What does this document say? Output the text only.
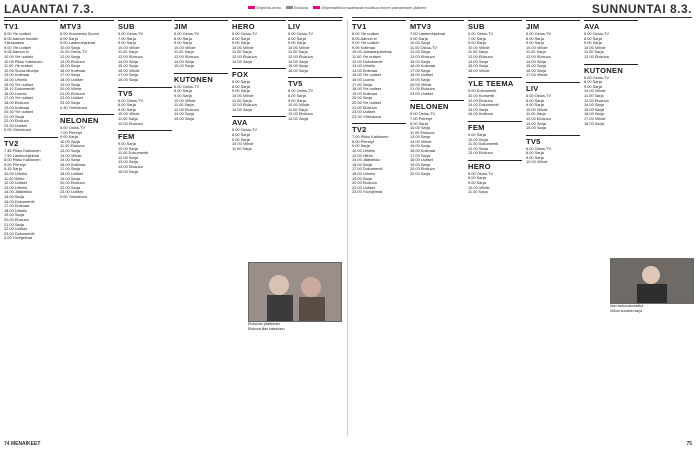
LAUANTAI 7.3.	SUNNUNTAI 8.3.
Ohjelma-arvio	Elokuva	Ohjelmatiedot saattavat muuttua ennen painamisen jälkeen
TV1
8.00 Yle uutiset
8.05 Aamun muotiin
Ykkösaamu
9.00 Yle uutiset
9.05 Aamun tv
10.00 Yle uutiset
10.05 Pikku Kakkonen
11.00 Yle uutiset
12.05 Suora lähetys
13.00 Kotimaa
14.00 Urheilu
15.00 Yle uutiset
15.10 Dokumentti
16.00 Luonto
17.00 Yle uutiset
18.00 Elokuva
19.00 Kotimaa
20.30 Yle uutiset
21.00 Sarja
22.00 Elokuva
23.30 Uutiset
0.05 Yöelokuva
TV2
7.45 Pikku Kakkonen
7.50 Lastenohjelmat
8.00 Pikku Kakkonen
9.00 Piirretyt
9.15 Sarja
10.00 Urheilu
11.00 Hiihto
12.00 Uutiset
13.00 Urheilu
14.00 Jääkiekko
15.00 Sarja
16.00 Dokumentti
17.00 Kotimaa
18.00 Urheilu
19.00 Sarja
20.00 Elokuva
21.00 Sarja
22.00 Uutiset
23.00 Dokumentti
0.00 Yöohjelmat
MTV3
6.00 Huomenta Suomi
8.00 Sarja
9.00 Lastenohjelmat
10.00 Sarja
11.00 Ostos-TV
12.00 Sarja
13.00 Elokuva
15.00 Sarja
16.00 Kotimaa
17.00 Sarja
18.00 Uutiset
19.00 Sarja
20.00 Viihde
21.00 Elokuva
23.00 Uutiset
23.30 Sarja
0.30 Yöelokuva
NELONEN
5.00 Ostos-TV
7.00 Piirretyt
9.00 Sarja
10.00 Sarja
11.00 Elokuva
13.00 Sarja
14.00 Viihde
15.00 Sarja
16.00 Kotimaa
17.00 Sarja
18.00 Uutiset
19.00 Sarja
20.00 Elokuva
22.00 Sarja
23.00 Uutiset
0.00 Yöelokuva
SUB
5.00 Ostos-TV
7.00 Sarja
9.00 Sarja
10.00 Viihde
11.00 Sarja
12.00 Elokuva
14.00 Sarja
15.00 Sarja
16.00 Viihde
17.00 Sarja
18.00 Sarja
TV5
6.00 Ostos-TV
8.00 Sarja
9.00 Sarja
10.00 Viihde
11.00 Sarja
12.00 Elokuva
FEM
9.00 Sarja
10.00 Sarja
11.00 Dokumentti
12.00 Sarja
13.00 Sarja
14.00 Elokuva
16.00 Sarja
JIM
6.00 Ostos-TV
8.00 Sarja
9.00 Sarja
10.00 Viihde
11.00 Sarja
12.00 Elokuva
14.00 Sarja
15.00 Sarja
KUTONEN
6.00 Ostos-TV
8.00 Sarja
9.00 Sarja
10.00 Viihde
11.00 Sarja
12.00 Elokuva
14.00 Sarja
15.00 Sarja
HERO
6.00 Ostos-TV
8.00 Sarja
9.00 Sarja
10.00 Viihde
11.00 Sarja
12.00 Elokuva
14.00 Sarja
FOX
6.00 Sarja
8.00 Sarja
9.00 Sarja
10.00 Viihde
11.00 Sarja
12.00 Elokuva
14.00 Sarja
AVA
6.00 Ostos-TV
8.00 Sarja
9.00 Sarja
10.00 Viihde
11.00 Sarja
LIV
6.00 Ostos-TV
8.00 Sarja
9.00 Sarja
10.00 Viihde
11.00 Sarja
12.00 Elokuva
14.00 Sarja
15.00 Sarja
16.00 Sarja
TV5
6.00 Ostos-TV
8.00 Sarja
9.00 Sarja
10.00 Viihde
11.00 Sarja
12.00 Elokuva
14.00 Sarja
TV1
8.00 Yle uutiset
8.05 Aamun tv
9.00 Yle uutiset
9.05 Kotimaa
10.00 Jumalanpalvelus
11.00 Yle uutiset
12.00 Dokumentti
13.00 Urheilu
14.00 Kotimaa
15.00 Yle uutiset
16.00 Luonto
17.00 Sarja
18.00 Yle uutiset
19.00 Kotimaa
20.00 Sarja
20.30 Yle uutiset
21.00 Elokuva
23.00 Uutiset
23.30 Yöelokuva
TV2
7.00 Pikku Kakkonen
8.00 Piirretyt
9.00 Sarja
10.00 Urheilu
12.00 Hiihto
14.00 Jääkiekko
16.00 Sarja
17.00 Dokumentti
18.00 Urheilu
19.00 Sarja
20.00 Elokuva
22.00 Uutiset
23.00 Yöohjelmat
MTV3
7.00 Lastenohjelmat
9.00 Sarja
10.00 Sarja
11.00 Ostos-TV
12.00 Sarja
13.00 Elokuva
15.00 Sarja
16.00 Kotimaa
17.00 Sarja
18.00 Uutiset
19.00 Sarja
20.00 Viihde
21.00 Elokuva
23.00 Uutiset
NELONEN
5.00 Ostos-TV
7.00 Piirretyt
9.00 Sarja
10.00 Sarja
11.00 Elokuva
13.00 Sarja
14.00 Viihde
15.00 Sarja
16.00 Kotimaa
17.00 Sarja
18.00 Uutiset
19.00 Sarja
20.00 Elokuva
22.00 Sarja
SUB
5.00 Ostos-TV
7.00 Sarja
9.00 Sarja
10.00 Viihde
11.00 Sarja
12.00 Elokuva
14.00 Sarja
15.00 Sarja
16.00 Viihde
YLE TEEMA
9.00 Dokumentti
10.00 Konsertti
12.00 Elokuva
14.00 Dokumentti
15.00 Sarja
16.00 Kulttuuri
FEM
9.00 Sarja
10.00 Sarja
11.00 Dokumentti
12.00 Sarja
13.00 Elokuva
HERO
6.00 Ostos-TV
8.00 Sarja
9.00 Sarja
10.00 Viihde
11.00 Sarja
JIM
6.00 Ostos-TV
8.00 Sarja
9.00 Sarja
10.00 Viihde
11.00 Sarja
12.00 Elokuva
14.00 Sarja
15.00 Sarja
16.00 Sarja
17.00 Viihde
LIV
6.00 Ostos-TV
8.00 Sarja
9.00 Sarja
10.00 Viihde
11.00 Sarja
12.00 Elokuva
14.00 Sarja
15.00 Sarja
TV5
6.00 Ostos-TV
8.00 Sarja
9.00 Sarja
10.00 Viihde
AVA
6.00 Ostos-TV
8.00 Sarja
9.00 Sarja
10.00 Viihde
11.00 Sarja
12.00 Elokuva
KUTONEN
6.00 Ostos-TV
8.00 Sarja
9.00 Sarja
10.00 Viihde
11.00 Sarja
12.00 Elokuva
14.00 Sarja
15.00 Sarja
16.00 Sarja
17.00 Viihde
18.00 Sarja
Elokuvan päätähdet
Elokuva illan katseluun
Illan elokuvasuositus
Viikon suosikki sarja
74 MENAIKEET	75
